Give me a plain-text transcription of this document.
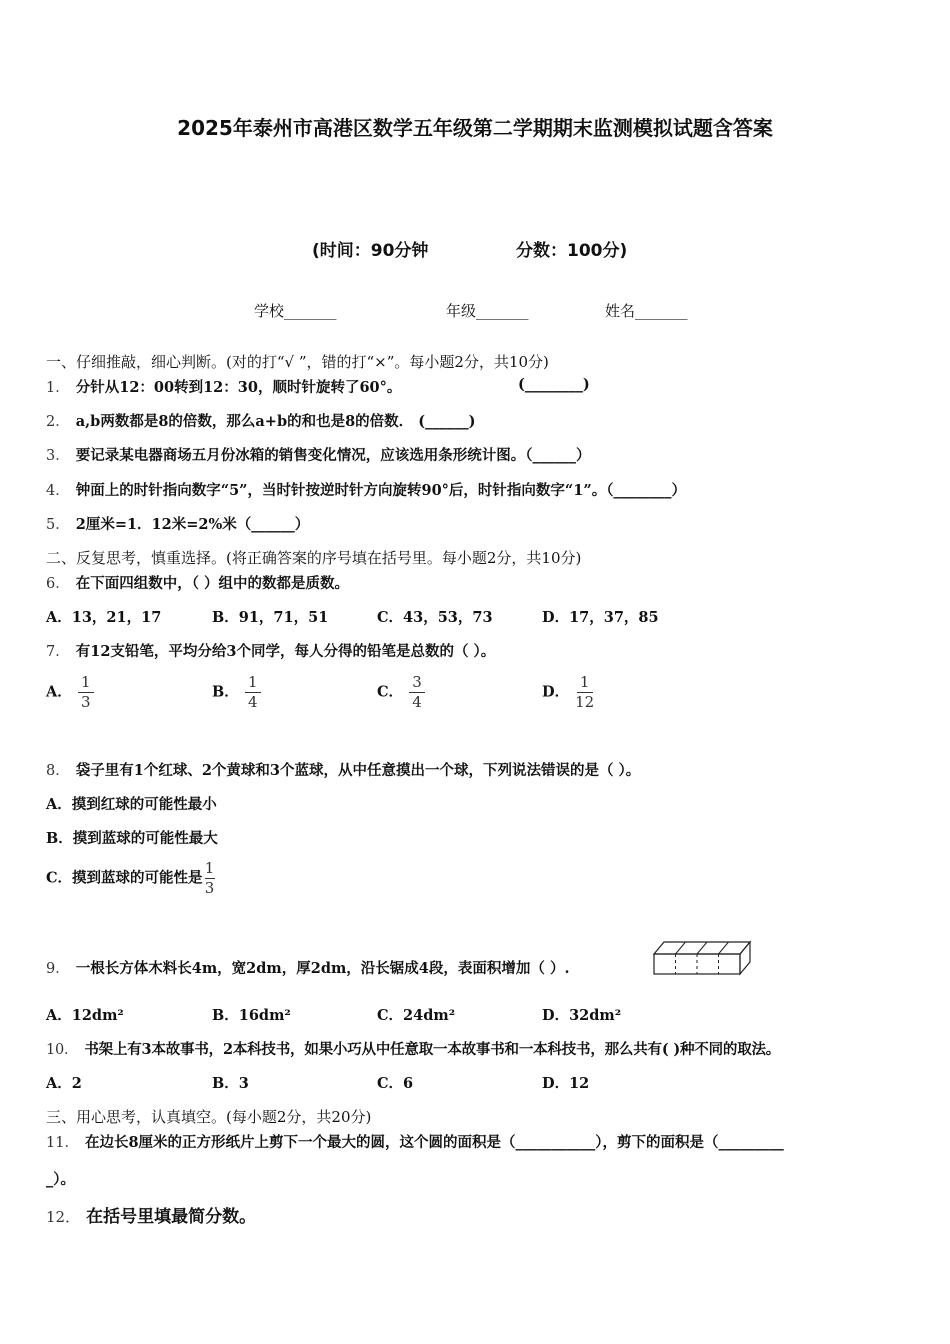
2025年泰州市高港区数学五年级第二学期期末监测模拟试题含答案
(时间：90分钟	分数：100分)
学校_______	年级_______	姓名_______
一、仔细推敲，细心判断。(对的打“√ ”，错的打“×”。每小题2分，共10分)
1． 分针从12：00转到12：30，顺时针旋转了60°。	(________)
2． a,b两数都是8的倍数，那么a+b的和也是8的倍数． (______)
3． 要记录某电器商场五月份冰箱的销售变化情况，应该选用条形统计图。（______）
4． 钟面上的时针指向数字“5”，当时针按逆时针方向旋转90°后，时针指向数字“1”。（________）
5． 2厘米=1．12米=2%米（______）
二、反复思考，慎重选择。(将正确答案的序号填在括号里。每小题2分，共10分)
6． 在下面四组数中，（ ）组中的数都是质数。
A．13，21，17	B．91，71，51	C．43，53，73	D．17，37，85
7． 有12支铅笔，平均分给3个同学，每人分得的铅笔是总数的（ ）。
A． $\frac{1}{3}$	B． $\frac{1}{4}$	C． $\frac{3}{4}$	D． $\frac{1}{12}$
8． 袋子里有1个红球、2个黄球和3个蓝球，从中任意摸出一个球，下列说法错误的是（ ）。
A．摸到红球的可能性最小
B．摸到蓝球的可能性最大
C．摸到蓝球的可能性是 $\frac{1}{3}$
9． 一根长方体木料长4m，宽2dm，厚2dm，沿长锯成4段，表面积增加（ ）.
A．12dm²	B．16dm²	C．24dm²	D．32dm²
10． 书架上有3本故事书，2本科技书，如果小巧从中任意取一本故事书和一本科技书，那么共有( )种不同的取法。
A．2	B．3	C．6	D．12
三、用心思考，认真填空。(每小题2分，共20分)
11． 在边长8厘米的正方形纸片上剪下一个最大的圆，这个圆的面积是（___________），剪下的面积是（_________
_）。
12． 在括号里填最简分数。
